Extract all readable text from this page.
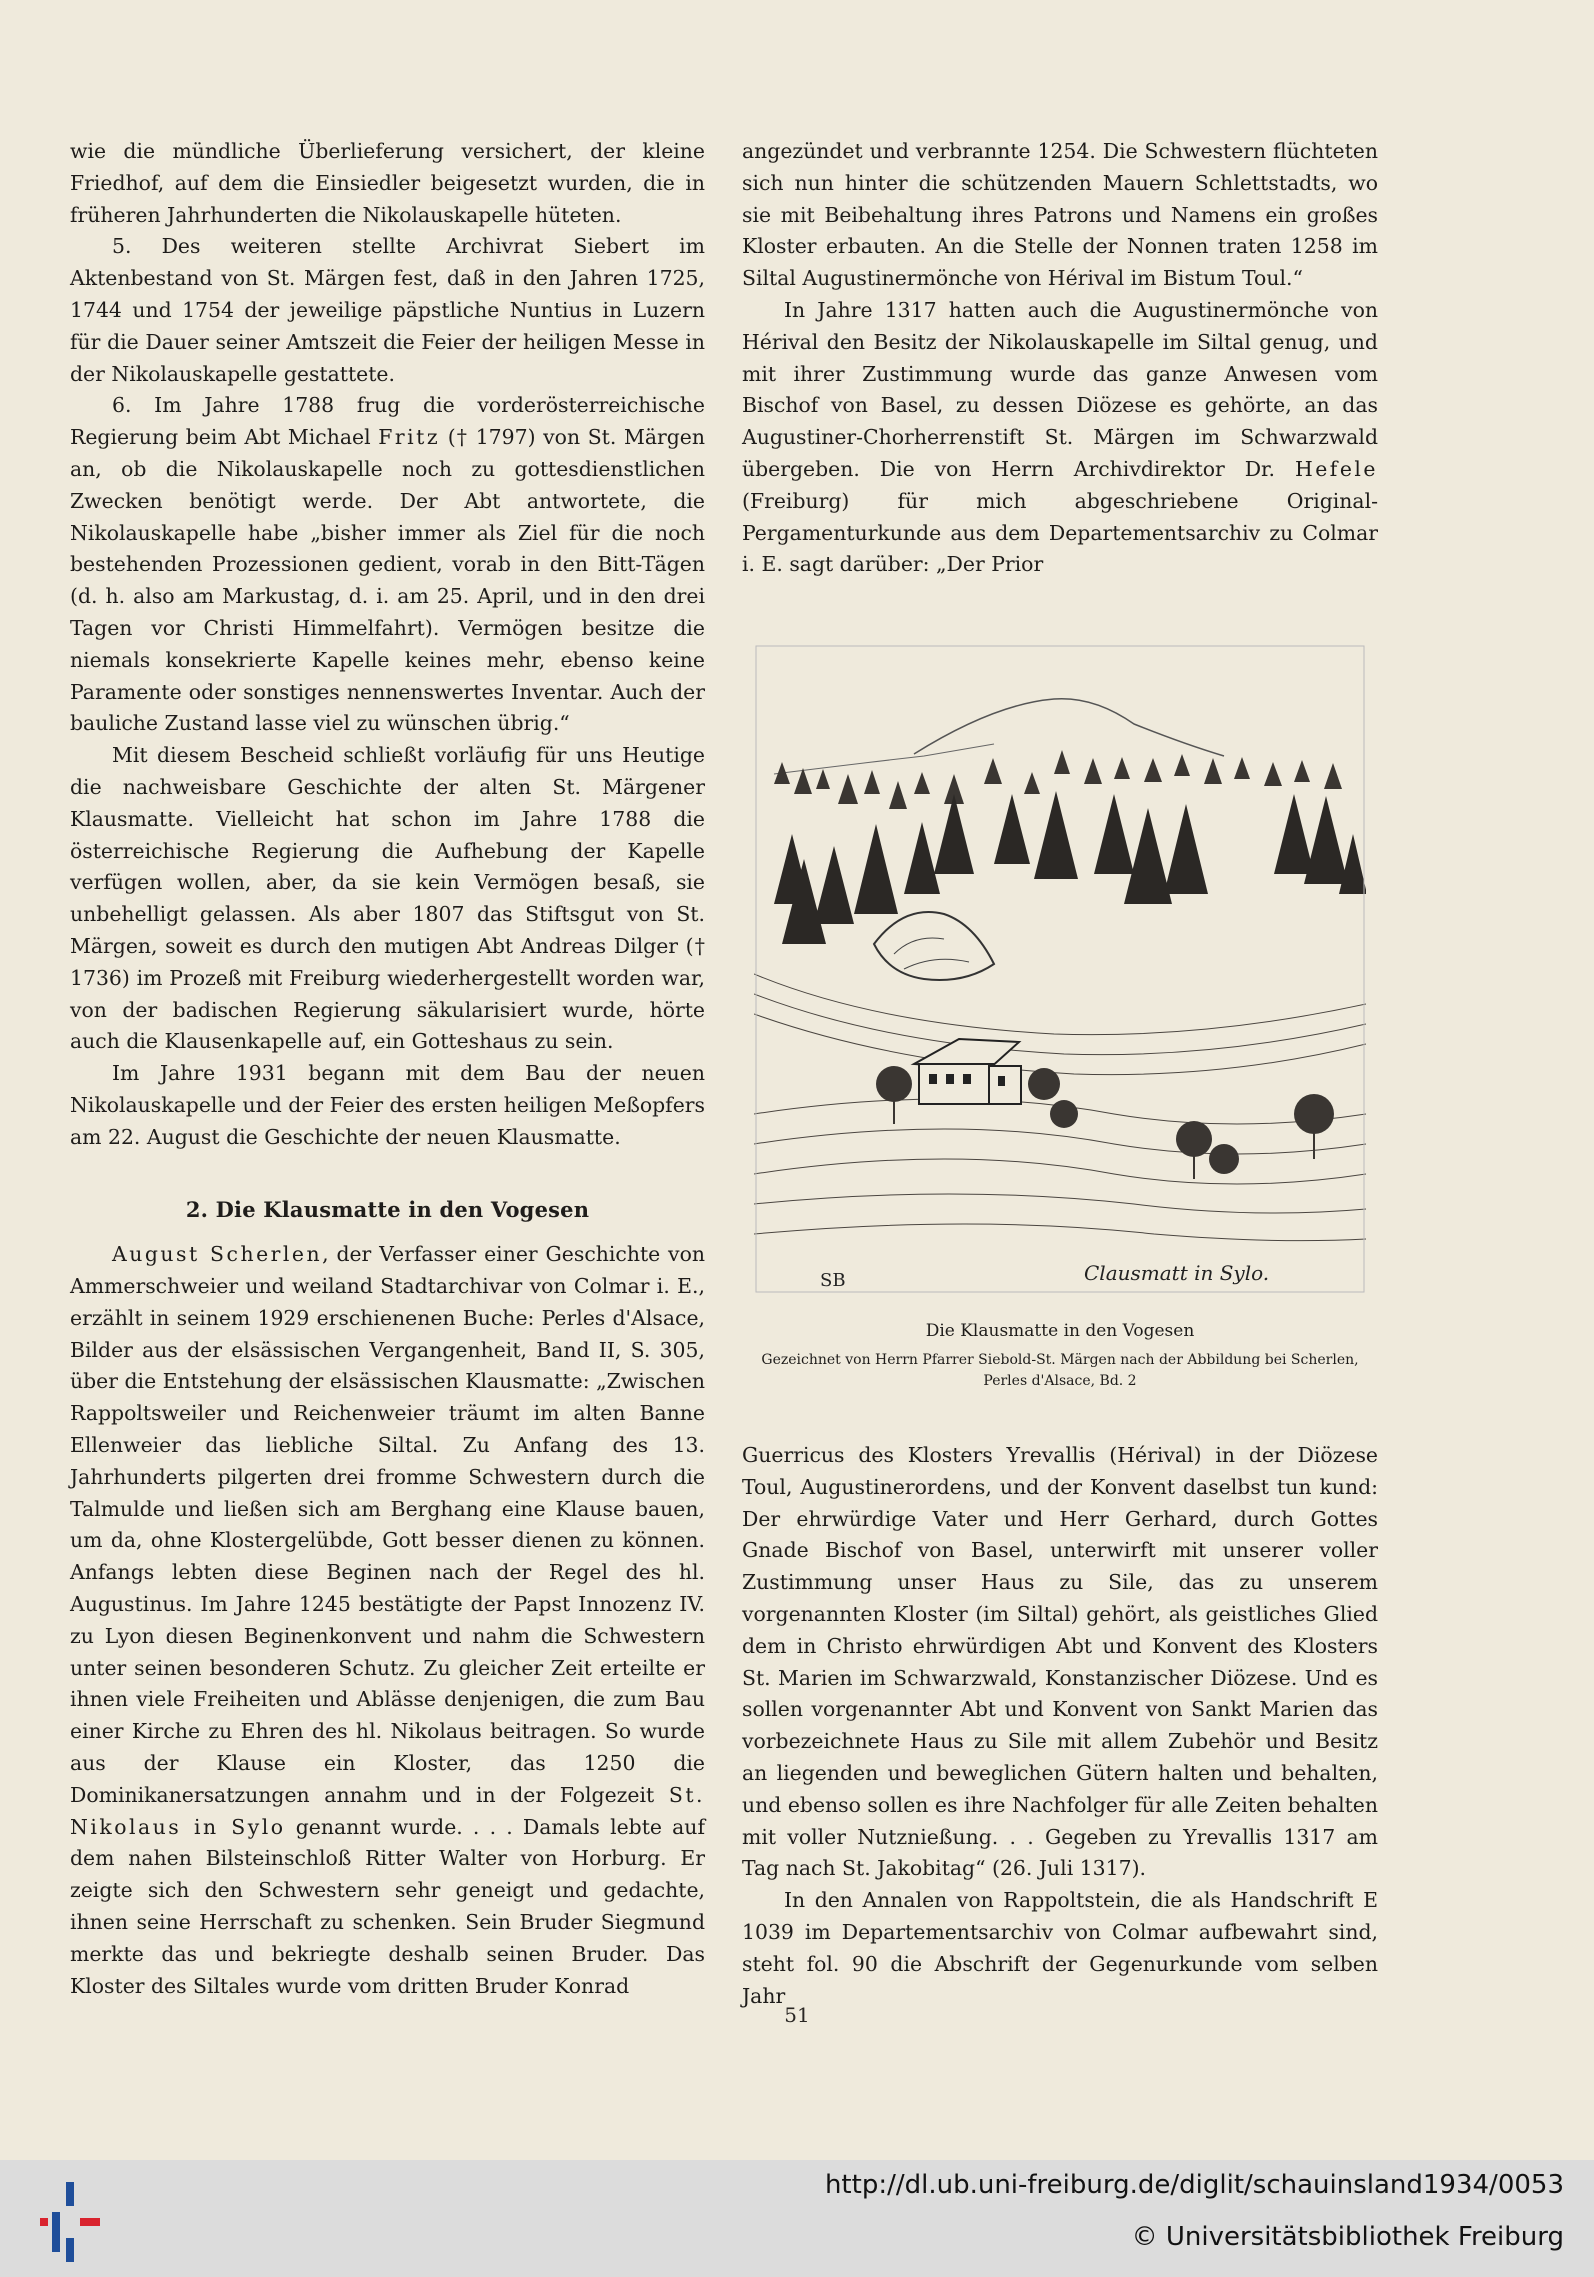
wie die mündliche Überlieferung versichert, der kleine Friedhof, auf dem die Einsiedler beigesetzt wurden, die in früheren Jahrhunderten die Nikolauskapelle hüteten.

5. Des weiteren stellte Archivrat Siebert im Aktenbestand von St. Märgen fest, daß in den Jahren 1725, 1744 und 1754 der jeweilige päpstliche Nuntius in Luzern für die Dauer seiner Amtszeit die Feier der heiligen Messe in der Nikolauskapelle gestattete.

6. Im Jahre 1788 frug die vorderösterreichische Regierung beim Abt Michael Fritz († 1797) von St. Märgen an, ob die Nikolauskapelle noch zu gottesdienstlichen Zwecken benötigt werde. Der Abt antwortete, die Nikolauskapelle habe „bisher immer als Ziel für die noch bestehenden Prozessionen gedient, vorab in den Bitt-Tägen (d. h. also am Markustag, d. i. am 25. April, und in den drei Tagen vor Christi Himmelfahrt). Vermögen besitze die niemals konsekrierte Kapelle keines mehr, ebenso keine Paramente oder sonstiges nennenswertes Inventar. Auch der bauliche Zustand lasse viel zu wünschen übrig.“

Mit diesem Bescheid schließt vorläufig für uns Heutige die nachweisbare Geschichte der alten St. Märgener Klausmatte. Vielleicht hat schon im Jahre 1788 die österreichische Regierung die Aufhebung der Kapelle verfügen wollen, aber, da sie kein Vermögen besaß, sie unbehelligt gelassen. Als aber 1807 das Stiftsgut von St. Märgen, soweit es durch den mutigen Abt Andreas Dilger († 1736) im Prozeß mit Freiburg wiederhergestellt worden war, von der badischen Regierung säkularisiert wurde, hörte auch die Klausenkapelle auf, ein Gotteshaus zu sein.

Im Jahre 1931 begann mit dem Bau der neuen Nikolauskapelle und der Feier des ersten heiligen Meßopfers am 22. August die Geschichte der neuen Klausmatte.

2. Die Klausmatte in den Vogesen

August Scherlen, der Verfasser einer Geschichte von Ammerschweier und weiland Stadtarchivar von Colmar i. E., erzählt in seinem 1929 erschienenen Buche: Perles d'Alsace, Bilder aus der elsässischen Vergangenheit, Band II, S. 305, über die Entstehung der elsässischen Klausmatte: „Zwischen Rappoltsweiler und Reichenweier träumt im alten Banne Ellenweier das liebliche Siltal. Zu Anfang des 13. Jahrhunderts pilgerten drei fromme Schwestern durch die Talmulde und ließen sich am Berghang eine Klause bauen, um da, ohne Klostergelübde, Gott besser dienen zu können. Anfangs lebten diese Beginen nach der Regel des hl. Augustinus. Im Jahre 1245 bestätigte der Papst Innozenz IV. zu Lyon diesen Beginenkonvent und nahm die Schwestern unter seinen besonderen Schutz. Zu gleicher Zeit erteilte er ihnen viele Freiheiten und Ablässe denjenigen, die zum Bau einer Kirche zu Ehren des hl. Nikolaus beitragen. So wurde aus der Klause ein Kloster, das 1250 die Dominikanersatzungen annahm und in der Folgezeit St. Nikolaus in Sylo genannt wurde. . . . Damals lebte auf dem nahen Bilsteinschloß Ritter Walter von Horburg. Er zeigte sich den Schwestern sehr geneigt und gedachte, ihnen seine Herrschaft zu schenken. Sein Bruder Siegmund merkte das und bekriegte deshalb seinen Bruder. Das Kloster des Siltales wurde vom dritten Bruder Konrad

angezündet und verbrannte 1254. Die Schwestern flüchteten sich nun hinter die schützenden Mauern Schlettstadts, wo sie mit Beibehaltung ihres Patrons und Namens ein großes Kloster erbauten. An die Stelle der Nonnen traten 1258 im Siltal Augustinermönche von Hérival im Bistum Toul.“

In Jahre 1317 hatten auch die Augustinermönche von Hérival den Besitz der Nikolauskapelle im Siltal genug, und mit ihrer Zustimmung wurde das ganze Anwesen vom Bischof von Basel, zu dessen Diözese es gehörte, an das Augustiner-Chorherrenstift St. Märgen im Schwarzwald übergeben. Die von Herrn Archivdirektor Dr. Hefele (Freiburg) für mich abgeschriebene Original-Pergamenturkunde aus dem Departementsarchiv zu Colmar i. E. sagt darüber: „Der Prior

Clausmatt in Sylo.
SB
Die Klausmatte in den Vogesen
Gezeichnet von Herrn Pfarrer Siebold-St. Märgen nach der Abbildung bei Scherlen,
Perles d'Alsace, Bd. 2

Guerricus des Klosters Yrevallis (Hérival) in der Diözese Toul, Augustinerordens, und der Konvent daselbst tun kund: Der ehrwürdige Vater und Herr Gerhard, durch Gottes Gnade Bischof von Basel, unterwirft mit unserer voller Zustimmung unser Haus zu Sile, das zu unserem vorgenannten Kloster (im Siltal) gehört, als geistliches Glied dem in Christo ehrwürdigen Abt und Konvent des Klosters St. Marien im Schwarzwald, Konstanzischer Diözese. Und es sollen vorgenannter Abt und Konvent von Sankt Marien das vorbezeichnete Haus zu Sile mit allem Zubehör und Besitz an liegenden und beweglichen Gütern halten und behalten, und ebenso sollen es ihre Nachfolger für alle Zeiten behalten mit voller Nutznießung. . . Gegeben zu Yrevallis 1317 am Tag nach St. Jakobitag“ (26. Juli 1317).

In den Annalen von Rappoltstein, die als Handschrift E 1039 im Departementsarchiv von Colmar aufbewahrt sind, steht fol. 90 die Abschrift der Gegenurkunde vom selben Jahr

51
http://dl.ub.uni-freiburg.de/diglit/schauinsland1934/0053
© Universitätsbibliothek Freiburg
